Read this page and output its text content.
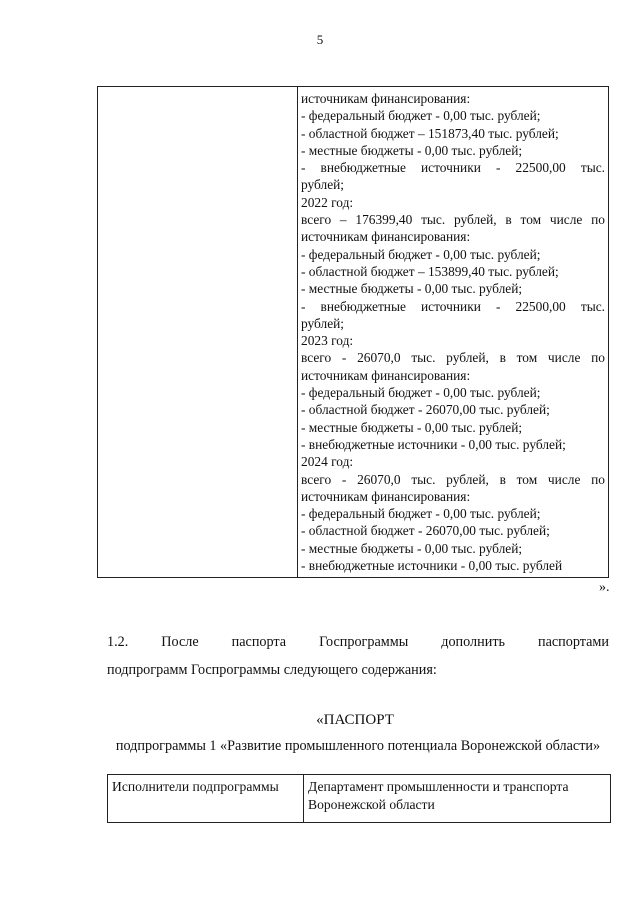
5

источникам финансирования:
- федеральный бюджет - 0,00 тыс. рублей;
- областной бюджет – 151873,40 тыс. рублей;
- местные бюджеты - 0,00 тыс. рублей;
- внебюджетные источники - 22500,00 тыс.
рублей;
2022 год:
всего – 176399,40 тыс. рублей, в том числе по
источникам финансирования:
- федеральный бюджет - 0,00 тыс. рублей;
- областной бюджет – 153899,40 тыс. рублей;
- местные бюджеты - 0,00 тыс. рублей;
- внебюджетные источники - 22500,00 тыс.
рублей;
2023 год:
всего - 26070,0 тыс. рублей, в том числе по
источникам финансирования:
- федеральный бюджет - 0,00 тыс. рублей;
- областной бюджет - 26070,00 тыс. рублей;
- местные бюджеты - 0,00 тыс. рублей;
- внебюджетные источники - 0,00 тыс. рублей;
2024 год:
всего - 26070,0 тыс. рублей, в том числе по
источникам финансирования:
- федеральный бюджет - 0,00 тыс. рублей;
- областной бюджет - 26070,00 тыс. рублей;
- местные бюджеты - 0,00 тыс. рублей;
- внебюджетные источники - 0,00 тыс. рублей
».
1.2. После паспорта Госпрограммы дополнить паспортами
подпрограмм Госпрограммы следующего содержания:
«ПАСПОРТ
подпрограммы 1 «Развитие промышленного потенциала Воронежской области»
Исполнители подпрограммы	Департамент промышленности и транспорта Воронежской области
